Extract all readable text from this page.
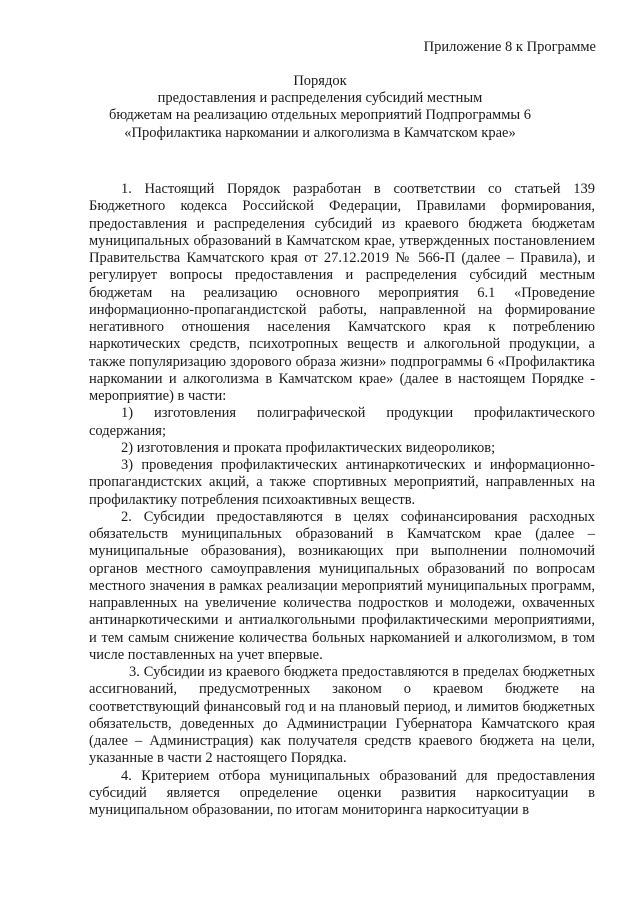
Приложение 8 к Программе
Порядок
предоставления и распределения субсидий местным
бюджетам на реализацию отдельных мероприятий Подпрограммы 6
«Профилактика наркомании и алкоголизма в Камчатском крае»

1. Настоящий Порядок разработан в соответствии со статьей 139 Бюджетного кодекса Российской Федерации, Правилами формирования, предоставления и распределения субсидий из краевого бюджета бюджетам муниципальных образований в Камчатском крае, утвержденных постановлением Правительства Камчатского края от 27.12.2019 № 566-П (далее – Правила), и регулирует вопросы предоставления и распределения субсидий местным бюджетам на реализацию основного мероприятия 6.1 «Проведение информационно-пропагандистской работы, направленной на формирование негативного отношения населения Камчатского края к потреблению наркотических средств, психотропных веществ и алкогольной продукции, а также популяризацию здорового образа жизни» подпрограммы 6 «Профилактика наркомании и алкоголизма в Камчатском крае» (далее в настоящем Порядке - мероприятие) в части:

1) изготовления полиграфической продукции профилактического содержания;

2) изготовления и проката профилактических видеороликов;

3) проведения профилактических антинаркотических и информационно-пропагандистских акций, а также спортивных мероприятий, направленных на профилактику потребления психоактивных веществ.

2. Субсидии предоставляются в целях софинансирования расходных обязательств муниципальных образований в Камчатском крае (далее – муниципальные образования), возникающих при выполнении полномочий органов местного самоуправления муниципальных образований по вопросам местного значения в рамках реализации мероприятий муниципальных программ, направленных на увеличение количества подростков и молодежи, охваченных антинаркотическими и антиалкогольными профилактическими мероприятиями, и тем самым снижение количества больных наркоманией и алкоголизмом, в том числе поставленных на учет впервые.

3. Субсидии из краевого бюджета предоставляются в пределах бюджетных ассигнований, предусмотренных законом о краевом бюджете на соответствующий финансовый год и на плановый период, и лимитов бюджетных обязательств, доведенных до Администрации Губернатора Камчатского края (далее – Администрация) как получателя средств краевого бюджета на цели, указанные в части 2 настоящего Порядка.

4. Критерием отбора муниципальных образований для предоставления субсидий является определение оценки развития наркоситуации в муниципальном образовании, по итогам мониторинга наркоситуации в
